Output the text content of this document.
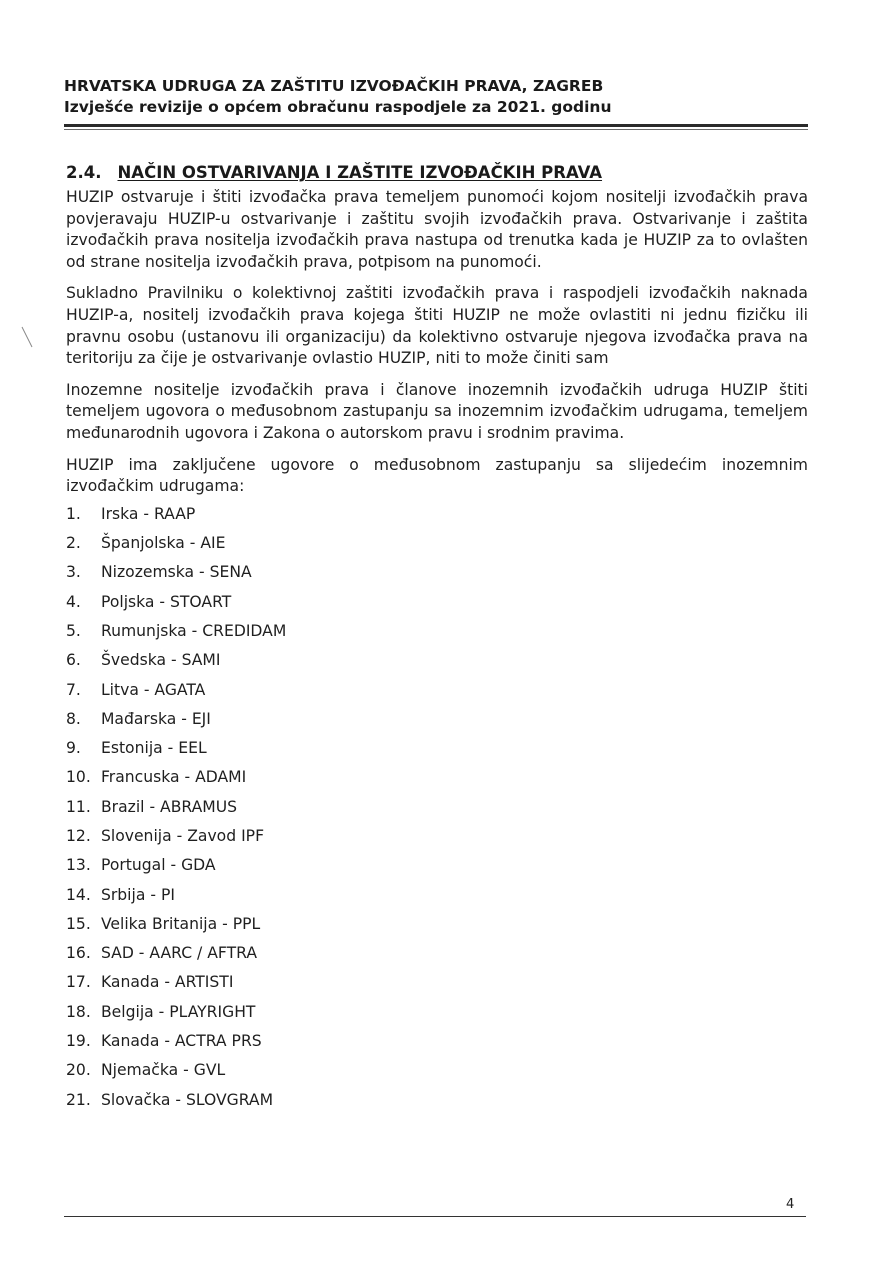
HRVATSKA UDRUGA ZA ZAŠTITU IZVOĐAČKIH PRAVA, ZAGREB
Izvješće revizije o općem obračunu raspodjele za 2021. godinu
2.4. NAČIN OSTVARIVANJA I ZAŠTITE IZVOĐAČKIH PRAVA

HUZIP ostvaruje i štiti izvođačka prava temeljem punomoći kojom nositelji izvođačkih prava povjeravaju HUZIP-u ostvarivanje i zaštitu svojih izvođačkih prava. Ostvarivanje i zaštita izvođačkih prava nositelja izvođačkih prava nastupa od trenutka kada je HUZIP za to ovlašten od strane nositelja izvođačkih prava, potpisom na punomoći.

Sukladno Pravilniku o kolektivnoj zaštiti izvođačkih prava i raspodjeli izvođačkih naknada HUZIP-a, nositelj izvođačkih prava kojega štiti HUZIP ne može ovlastiti ni jednu fizičku ili pravnu osobu (ustanovu ili organizaciju) da kolektivno ostvaruje njegova izvođačka prava na teritoriju za čije je ostvarivanje ovlastio HUZIP, niti to može činiti sam

Inozemne nositelje izvođačkih prava i članove inozemnih izvođačkih udruga HUZIP štiti temeljem ugovora o međusobnom zastupanju sa inozemnim izvođačkim udrugama, temeljem međunarodnih ugovora i Zakona o autorskom pravu i srodnim pravima.

HUZIP ima zaključene ugovore o međusobnom zastupanju sa slijedećim inozemnim izvođačkim udrugama:

1. Irska - RAAP
2. Španjolska - AIE
3. Nizozemska - SENA
4. Poljska - STOART
5. Rumunjska - CREDIDAM
6. Švedska - SAMI
7. Litva - AGATA
8. Mađarska - EJI
9. Estonija - EEL
10. Francuska - ADAMI
11. Brazil - ABRAMUS
12. Slovenija - Zavod IPF
13. Portugal - GDA
14. Srbija - PI
15. Velika Britanija - PPL
16. SAD - AARC / AFTRA
17. Kanada - ARTISTI
18. Belgija - PLAYRIGHT
19. Kanada - ACTRA PRS
20. Njemačka - GVL
21. Slovačka - SLOVGRAM
4
